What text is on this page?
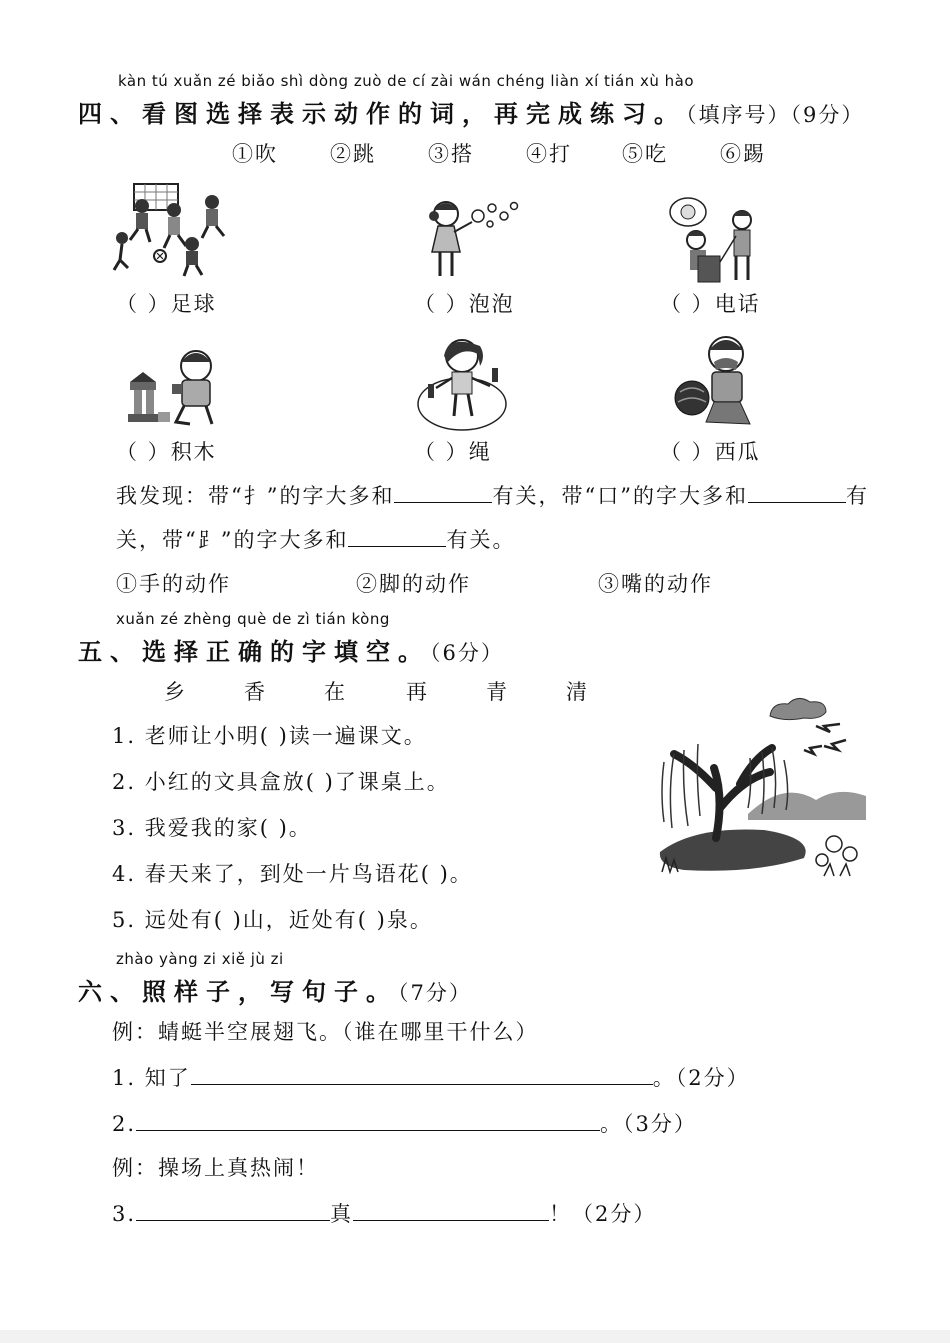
kàn tú xuǎn zé biǎo shì dòng zuò de cí zài wán chéng liàn xí tián xù hào
四、看图选择表示动作的词，再完成练习。（填序号）（9分）
①吹 ②跳 ③搭 ④打 ⑤吃 ⑥踢
（ ）足球	（ ）泡泡	（ ）电话
（ ）积木	（ ）绳	（ ）西瓜
我发现：带“扌”的字大多和	有关，带“口”的字大多和	有
关，带“⻊”的字大多和	有关。
①手的动作	②脚的动作	③嘴的动作
xuǎn zé zhèng què de zì tián kòng
五、选择正确的字填空。（6分）
乡	香	在	再	青	清
1. 老师让小明( )读一遍课文。
2. 小红的文具盒放( )了课桌上。
3. 我爱我的家( )。
4. 春天来了，到处一片鸟语花( )。
5. 远处有( )山，近处有( )泉。
zhào yàng zi xiě jù zi
六、照样子，写句子。（7分）
例：蜻蜓半空展翅飞。（谁在哪里干什么）
1. 知了	。（2分）
2.	。（3分）
例：操场上真热闹！
3.	真	！（2分）
